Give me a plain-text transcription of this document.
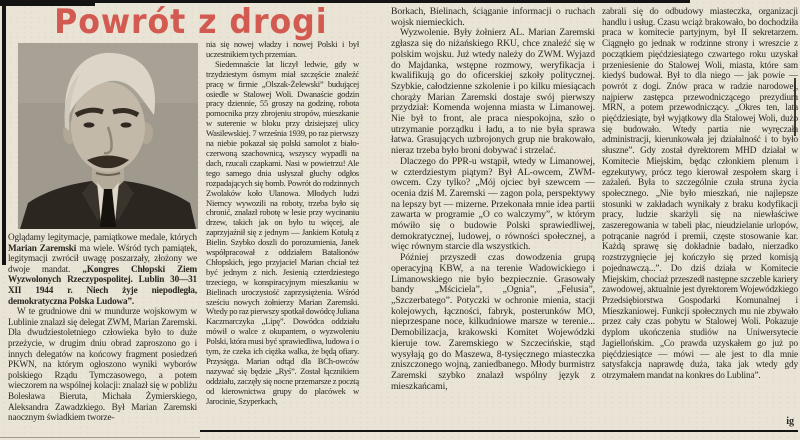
Powrót z drogi

Oglądamy legitymacje, pamiątkowe medale, których Marian Zaremski ma wiele. Wśród tych pamiątek, legitymacji zwrócił uwagę poszarzały, złożony we dwoje mandat. „Kongres Chłopski Ziem Wyzwolonych Rzeczypospolitej. Lublin 30—31 XII 1944 r. Niech żyje niepodległa, demokratyczna Polska Ludowa”.

W te grudniowe dni w mundurze wojskowym w Lublinie znalazł się delegat ZWM, Marian Zaremski. Dla dwudziestoletniego człowieka było to duże przeżycie, w drugim dniu obrad zaproszono go i innych delegatów na końcowy fragment posiedzeń PKWN, na którym ogłoszono wyniki wyborów polskiego Rządu Tymczasowego, a potem wieczorem na wspólnej kolacji: znalazł się w pobliżu Bolesława Bieruta, Michała Żymierskiego, Aleksandra Zawadzkiego. Był Marian Zaremski naocznym świadkiem tworze-

nia się nowej władzy i nowej Polski i był uczestnikiem tych przemian.

Siedemnaście lat liczył ledwie, gdy w trzydziestym ósmym miał szczęście znaleźć pracę w firmie „Olszak-Żelewski” budującej osiedle w Stalowej Woli. Dwanaście godzin pracy dziennie, 55 groszy na godzinę, robota pomocnika przy zbrojeniu stropów, mieszkanie w suterenie w bloku przy dzisiejszej ulicy Wasilewskiej. 7 września 1939, po raz pierwszy na niebie pokazał się polski samolot z biało-czerwoną szachownicą, wszyscy wypadli na dach, rzucali czapkami. Nasi w powietrzu! Ale tego samego dnia usłyszał głuchy odgłos rozpadających się bomb. Powrót do rodzinnych Zwolaków koło Ulanowa. Młodych ludzi Niemcy wywozili na roboty, trzeba było się chronić, znalazł robotę w lesie przy wycinaniu drzew, takich jak on było tu więcej, ale zaprzyjaźnił się z jednym — Jankiem Kotułą z Bielin. Szybko doszli do porozumienia, Janek współpracował z oddziałem Batalionów Chłopskich, jego przyjaciel Marian chciał też być jednym z nich. Jesienią czterdziestego trzeciego, w konspiracyjnym mieszkaniu w Bielinach uroczystość zaprzysiężenia. Wśród sześciu nowych żołnierzy Marian Zaremski. Wtedy po raz pierwszy spotkał dowódcę Juliana Kaczmarczyka „Lipę”. Dowódca oddziału mówił o walce z okupantem, o wyzwoleniu Polski, która musi być sprawiedliwa, ludowa i o tym, że czeka ich ciężka walka, że będą ofiary. Przysięga. Marian odtąd dla BCh-owców nazywać się będzie „Ryś”. Został łącznikiem oddziału, zaczęły się nocne przemarsze z pocztą od kierownictwa grupy do placówek w Jarocinie, Szyperkach,

Borkach, Bielinach, ściąganie informacji o ruchach wojsk niemieckich.

Wyzwolenie. Były żołnierz AL. Marian Zaremski zgłasza się do niżańskiego RKU, chce znaleźć się w polskim wojsku. Już wtedy należy do ZWM. Wyjazd do Majdanka, wstępne rozmowy, weryfikacja i kwalifikują go do oficerskiej szkoły politycznej. Szybkie, całodzienne szkolenie i po kilku miesiącach chorąży Marian Zaremski dostaje swój pierwszy przydział: Komenda wojenna miasta w Limanowej. Nie był to front, ale praca niespokojna, szło o utrzymanie porządku i ładu, a to nie była sprawa łatwa. Grasujących uzbrojonych grup nie brakowało, nieraz trzeba było broni dobywać i strzelać.

Dlaczego do PPR-u wstąpił, wtedy w Limanowej, w czterdziestym piątym? Był AL-owcem, ZWM-owcem. Czy tylko? „Mój ojciec był szewcem — ocenia dziś M. Zaremski — zagon pola, perspektywy na lepszy byt — mizerne. Przekonała mnie idea partii zawarta w programie „O co walczymy”, w którym mówiło się o budowie Polski sprawiedliwej, demokratycznej, ludowej, o równości społecznej, a więc równym starcie dla wszystkich.

Później przyszedł czas dowodzenia grupą operacyjną KBW, a na terenie Wadowickiego i Limanowskiego nie było bezpiecznie. Grasowały bandy „Mściciela”, „Ognia”, „Felusia”, „Szczerbatego”. Potyczki w ochronie mienia, stacji kolejowych, łączności, fabryk, posterunków MO, nieprzespane noce, kilkudniowe marsze w terenie... Demobilizacja, krakowski Komitet Wojewódzki kieruje tow. Zaremskiego w Szczecińskie, stąd wysyłają go do Maszewa, 8-tysięcznego miasteczka zniszczonego wojną, zaniedbanego. Młody burmistrz Zaremski szybko znalazł wspólny język z mieszkańcami,

zabrali się do odbudowy miasteczka, organizacji handlu i usług. Czasu wciąż brakowało, bo dochodziła praca w komitecie partyjnym, był II sekretarzem. Ciągnęło go jednak w rodzinne strony i wreszcie z początkiem pięćdziesiątego czwartego roku uzyskał przeniesienie do Stalowej Woli, miasta, które sam kiedyś budował. Był to dla niego — jak powie — powrót z dogi. Znów praca w radzie narodowej, najpierw zastępca przewodniczącego prezydium MRN, a potem przewodniczący. „Okres ten, lata pięćdziesiąte, był wyjątkowy dla Stalowej Woli, dużo się budowało. Wtedy partia nie wyręczała administracji, kierunkowała jej działalność i to było słuszne”. Gdy został dyrektorem MHD działał w Komitecie Miejskim, będąc członkiem plenum i egzekutywy, prócz tego kierował zespołem skarg i zażaleń. Była to szczególnie czuła struna życia społecznego. „Nie było mieszkań, nie najlepsze stosunki w zakładach wynikały z braku kodyfikacji pracy, ludzie skarżyli się na niewłaściwe zaszeregowania w tabeli płac, nieudzielanie urlopów, potrącanie nagród i premii, częste stosowanie kar. Każdą sprawę się dokładnie badało, nierzadko rozstrzygnięcie jej kończyło się przed komisją pojednawczą...”. Do dziś działa w Komitecie Miejskim, chociaż przeszedł następne szczeble kariery zawodowej, aktualnie jest dyrektorem Wojewódzkiego Przedsiębiorstwa Gospodarki Komunalnej i Mieszkaniowej. Funkcji społecznych mu nie zbywało przez cały czas pobytu w Stalowej Woli. Pokazuje dyplom ukończenia studiów na Uniwersytecie Jagiellońskim. „Co prawda uzyskałem go już po pięćdziesiątce — mówi — ale jest to dla mnie satysfakcja naprawdę duża, taka jak wtedy gdy otrzymałem mandat na konkres do Lublina”.

ig
